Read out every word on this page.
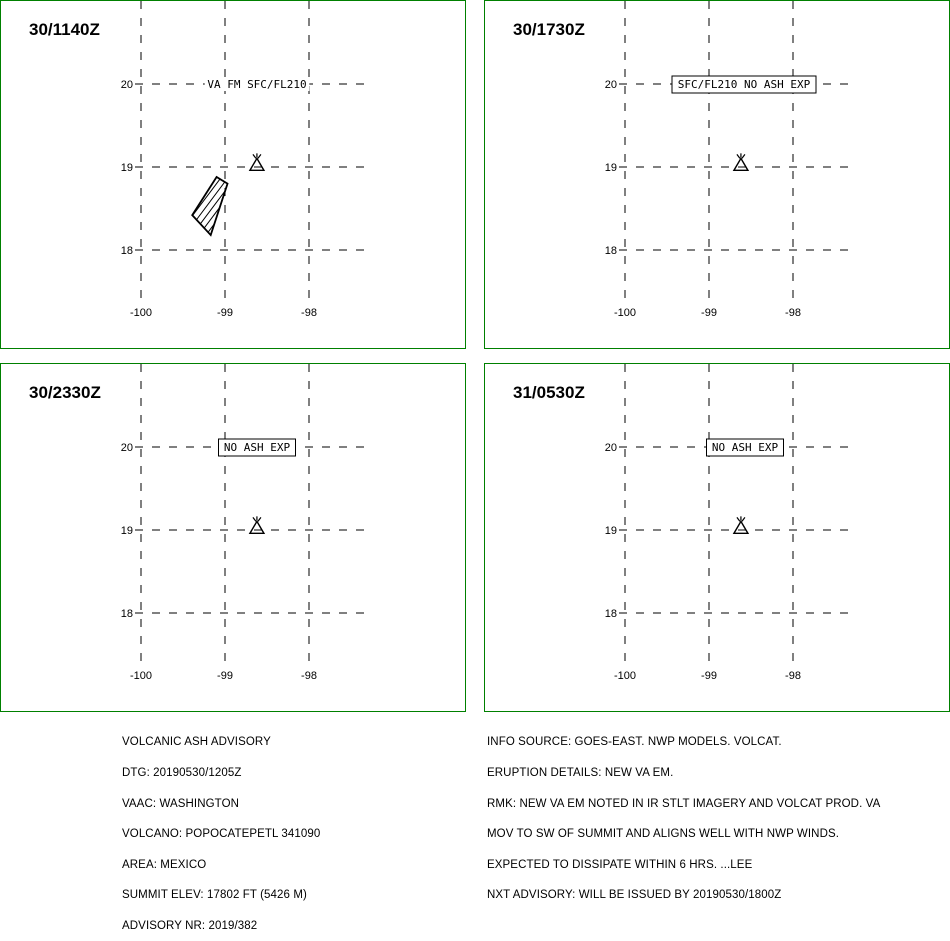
30/1140Z
-100	-99	-98
20
19
18
VA FM SFC/FL210
30/1730Z
-100	-99	-98
20
19
18
SFC/FL210 NO ASH EXP
30/2330Z
-100	-99	-98
20
19
18
NO ASH EXP
31/0530Z
-100	-99	-98
20
19
18
NO ASH EXP

VOLCANIC ASH ADVISORY

DTG: 20190530/1205Z

VAAC: WASHINGTON

VOLCANO: POPOCATEPETL 341090

AREA: MEXICO

SUMMIT ELEV: 17802 FT (5426 M)

ADVISORY NR: 2019/382

INFO SOURCE: GOES-EAST. NWP MODELS. VOLCAT.

ERUPTION DETAILS: NEW VA EM.

RMK: NEW VA EM NOTED IN IR STLT IMAGERY AND VOLCAT PROD. VA

MOV TO SW OF SUMMIT AND ALIGNS WELL WITH NWP WINDS.

EXPECTED TO DISSIPATE WITHIN 6 HRS. ...LEE

NXT ADVISORY: WILL BE ISSUED BY 20190530/1800Z
